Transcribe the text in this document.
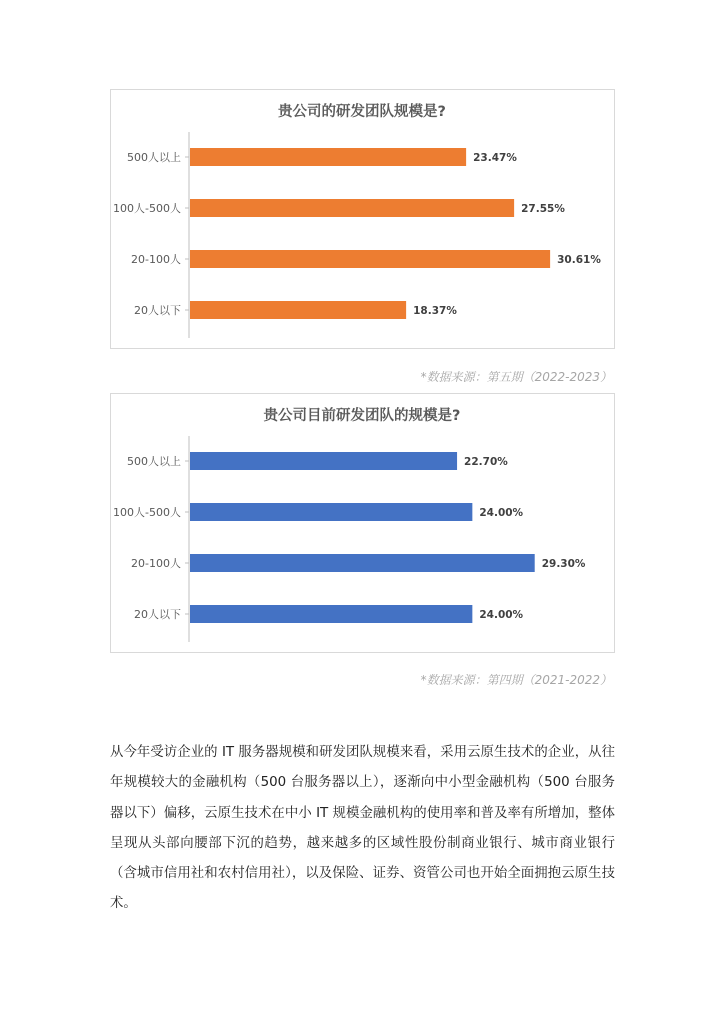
贵公司的研发团队规模是?
500人以上	23.47%
100人-500人	27.55%
20-100人	30.61%
20人以下	18.37%
*数据来源：第五期（2022-2023）
贵公司目前研发团队的规模是?
500人以上	22.70%
100人-500人	24.00%
20-100人	29.30%
20人以下	24.00%
*数据来源：第四期（2021-2022）

从今年受访企业的 IT 服务器规模和研发团队规模来看，采用云原生技术的企业，从往年规模较大的金融机构（500 台服务器以上），逐渐向中小型金融机构（500 台服务器以下）偏移，云原生技术在中小 IT 规模金融机构的使用率和普及率有所增加，整体呈现从头部向腰部下沉的趋势，越来越多的区域性股份制商业银行、城市商业银行（含城市信用社和农村信用社），以及保险、证券、资管公司也开始全面拥抱云原生技术。
